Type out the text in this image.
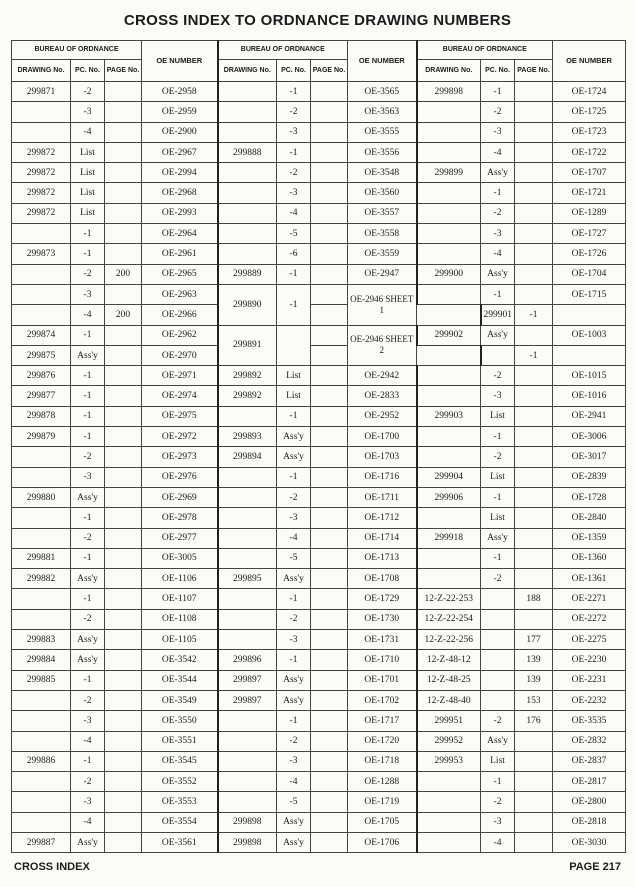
CROSS INDEX TO ORDNANCE DRAWING NUMBERS
BUREAU OF ORDNANCE			OE NUMBER	BUREAU OF ORDNANCE			OE NUMBER	BUREAU OF ORDNANCE			OE NUMBER	
DRAWING No.	PC. No.	PAGE No.		DRAWING No.	PC. No.	PAGE No.		DRAWING No.	PC. No.	PAGE No.		
299871	-2		OE-2958		-1		OE-3565	299898	-1		OE-1724	
	-3		OE-2959		-2		OE-3563		-2		OE-1725	
	-4		OE-2900		-3		OE-3555		-3		OE-1723	
299872	List		OE-2967	299888	-1		OE-3556		-4		OE-1722	
299872	List		OE-2994		-2		OE-3548	299899	Ass'y		OE-1707	
299872	List		OE-2968		-3		OE-3560		-1		OE-1721	
299872	List		OE-2993		-4		OE-3557		-2		OE-1289	
	-1		OE-2964		-5		OE-3558		-3		OE-1727	
299873	-1		OE-2961		-6		OE-3559		-4		OE-1726	
	-2	200	OE-2965	299889	-1		OE-2947	299900	Ass'y		OE-1704	
	-3		OE-2963	299890	-1		OE-2946 SHEET 1		-1		OE-1715	
	-4	200	OE-2966						299901	-1		
299874	-1		OE-2962	299891			OE-2946 SHEET 2	299902	Ass'y		OE-1003	
299875	Ass'y		OE-2970							-1		
299876	-1		OE-2971	299892	List		OE-2942		-2		OE-1015	
299877	-1		OE-2974	299892	List		OE-2833		-3		OE-1016	
299878	-1		OE-2975		-1		OE-2952	299903	List		OE-2941	
299879	-1		OE-2972	299893	Ass'y		OE-1700		-1		OE-3006	
	-2		OE-2973	299894	Ass'y		OE-1703		-2		OE-3017	
	-3		OE-2976		-1		OE-1716	299904	List		OE-2839	
299880	Ass'y		OE-2969		-2		OE-1711	299906	-1		OE-1728	
	-1		OE-2978		-3		OE-1712		List		OE-2840	
	-2		OE-2977		-4		OE-1714	299918	Ass'y		OE-1359	
299881	-1		OE-3005		-5		OE-1713		-1		OE-1360	
299882	Ass'y		OE-1106	299895	Ass'y		OE-1708		-2		OE-1361	
	-1		OE-1107		-1		OE-1729	12-Z-22-253		188	OE-2271	
	-2		OE-1108		-2		OE-1730	12-Z-22-254			OE-2272	
299883	Ass'y		OE-1105		-3		OE-1731	12-Z-22-256		177	OE-2275	
299884	Ass'y		OE-3542	299896	-1		OE-1710	12-Z-48-12		139	OE-2230	
299885	-1		OE-3544	299897	Ass'y		OE-1701	12-Z-48-25		139	OE-2231	
	-2		OE-3549	299897	Ass'y		OE-1702	12-Z-48-40		153	OE-2232	
	-3		OE-3550		-1		OE-1717	299951	-2	176	OE-3535	
	-4		OE-3551		-2		OE-1720	299952	Ass'y		OE-2832	
299886	-1		OE-3545		-3		OE-1718	299953	List		OE-2837	
	-2		OE-3552		-4		OE-1288		-1		OE-2817	
	-3		OE-3553		-5		OE-1719		-2		OE-2800	
	-4		OE-3554	299898	Ass'y		OE-1705		-3		OE-2818	
299887	Ass'y		OE-3561	299898	Ass'y		OE-1706		-4		OE-3030	
CROSS INDEX	PAGE 217
